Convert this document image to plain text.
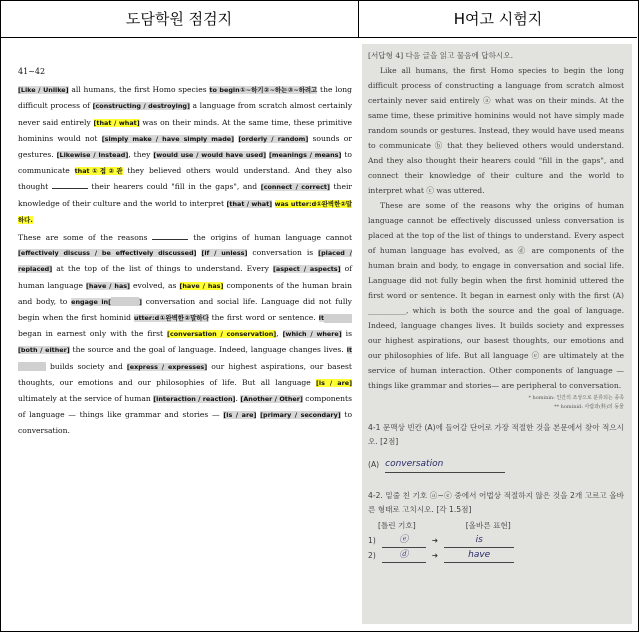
도담학원 점검지	H여고 시험지
41~42

[Like / Unlike] all humans, the first Homo species to begin①~하기②~하는③~하려고 the long difficult process of [constructing / destroying] a language from scratch almost certainly never said entirely [that / what] was on their minds. At the same time, these primitive hominins would not [simply make / have simply made] [orderly / random] sounds or gestures. [Likewise / Instead], they [would use / would have used] [meanings / means] to communicate that①접②관 they believed others would understand. And they also thought	their hearers could "fill in the gaps", and [connect / correct] their knowledge of their culture and the world to interpret [that / what] was utter:d①완벽한②말하다.

These are some of the reasons	the origins of human language cannot [effectively discuss / be effectively discussed] [if / unless] conversation is [placed / replaced] at the top of the list of things to understand. Every [aspect / aspects] of human language [have / has] evolved, as [have / has] components of the human brain and body, to engage in[	] conversation and social life. Language did not fully begin when the first hominid utter:d①완벽한②말하다 the first word or sentence. It began in earnest only with the first [conversation / conservation], [which / where] is [both / either] the source and the goal of language. Indeed, language changes lives. It builds society and [express / expresses] our highest aspirations, our basest thoughts, our emotions and our philosophies of life. But all language [is / are] ultimately at the service of human [interaction / reaction]. [Another / Other] components of language — things like grammar and stories — [is / are] [primary / secondary] to conversation.

[서답형 4] 다음 글을 읽고 물음에 답하시오.

Like all humans, the first Homo species to begin the long difficult process of constructing a language from scratch almost certainly never said entirely ⓐ what was on their minds. At the same time, these primitive hominins would not have simply made random sounds or gestures. Instead, they would have used means to communicate ⓑ that they believed others would understand. And they also thought their hearers could "fill in the gaps", and connect their knowledge of their culture and the world to interpret what ⓒ was uttered.

These are some of the reasons why the origins of human language cannot be effectively discussed unless conversation is placed at the top of the list of things to understand. Every aspect of human language has evolved, as ⓓ are components of the human brain and body, to engage in conversation and social life. Language did not fully begin when the first hominid uttered the first word or sentence. It began in earnest only with the first (A) __________, which is both the source and the goal of language. Indeed, language changes lives. It builds society and expresses our highest aspirations, our basest thoughts, our emotions and our philosophies of life. But all language ⓔ are ultimately at the service of human interaction. Other components of language —things like grammar and stories— are peripheral to conversation.

* hominin: 인간의 조상으로 분류되는 종족
** hominid: 사람과(科)의 동물
4-1 문맥상 빈칸 (A)에 들어갈 단어로 가장 적절한 것을 본문에서 찾아 적으시오. [2점]
(A) conversation
4-2. 밑줄 친 기호 ⓐ~ⓔ 중에서 어법상 적절하지 않은 것을 2개 고르고 올바른 형태로 고치시오. [각 1.5점]
[틀린 기호]	[올바른 표현]
1)	ⓔ	➜	is
2)	ⓓ	➜	have
